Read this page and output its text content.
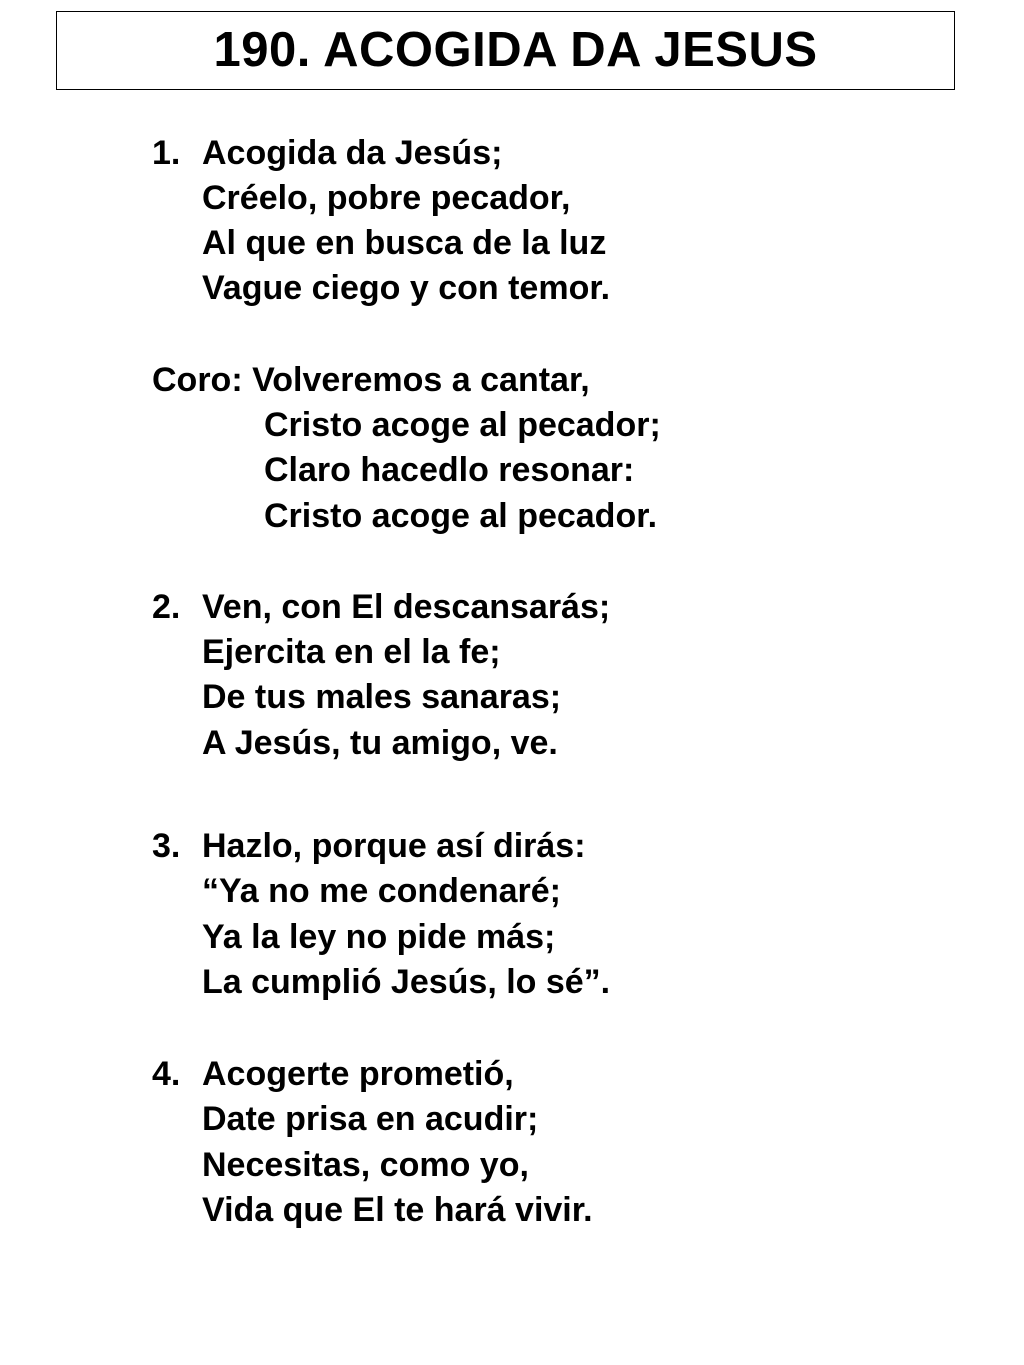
190. ACOGIDA DA JESUS
1. Acogida da Jesús;
Créelo, pobre pecador,
Al que en busca de la luz
Vague ciego y con temor.
Coro: Volveremos a cantar,
Cristo acoge al pecador;
Claro hacedlo resonar:
Cristo acoge al pecador.
2. Ven, con El descansarás;
Ejercita en el la fe;
De tus males sanaras;
A Jesús, tu amigo, ve.
3. Hazlo, porque así dirás:
“Ya no me condenaré;
Ya la ley no pide más;
La cumplió Jesús, lo sé”.
4. Acogerte prometió,
Date prisa en acudir;
Necesitas, como yo,
Vida que El te hará vivir.
